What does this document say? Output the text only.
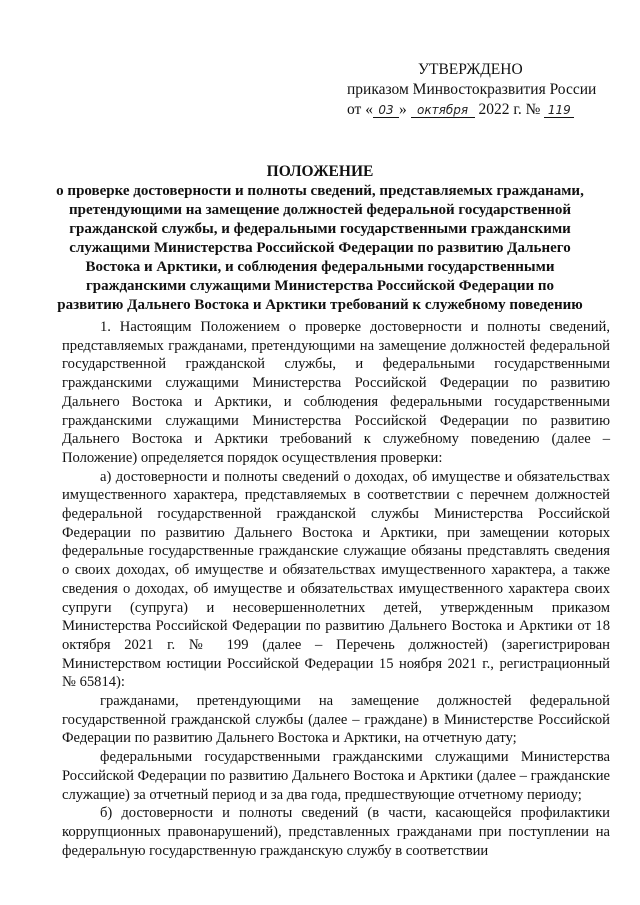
УТВЕРЖДЕНО
приказом Минвостокразвития России
от « 03 » октября 2022 г. № 119
ПОЛОЖЕНИЕ
о проверке достоверности и полноты сведений, представляемых гражданами, претендующими на замещение должностей федеральной государственной гражданской службы, и федеральными государственными гражданскими служащими Министерства Российской Федерации по развитию Дальнего Востока и Арктики, и соблюдения федеральными государственными гражданскими служащими Министерства Российской Федерации по развитию Дальнего Востока и Арктики требований к служебному поведению

1. Настоящим Положением о проверке достоверности и полноты сведений, представляемых гражданами, претендующими на замещение должностей федеральной государственной гражданской службы, и федеральными государственными гражданскими служащими Министерства Российской Федерации по развитию Дальнего Востока и Арктики, и соблюдения федеральными государственными гражданскими служащими Министерства Российской Федерации по развитию Дальнего Востока и Арктики требований к служебному поведению (далее – Положение) определяется порядок осуществления проверки:

а) достоверности и полноты сведений о доходах, об имуществе и обязательствах имущественного характера, представляемых в соответствии с перечнем должностей федеральной государственной гражданской службы Министерства Российской Федерации по развитию Дальнего Востока и Арктики, при замещении которых федеральные государственные гражданские служащие обязаны представлять сведения о своих доходах, об имуществе и обязательствах имущественного характера, а также сведения о доходах, об имуществе и обязательствах имущественного характера своих супруги (супруга) и несовершеннолетних детей, утвержденным приказом Министерства Российской Федерации по развитию Дальнего Востока и Арктики от 18 октября 2021 г. № 199 (далее – Перечень должностей) (зарегистрирован Министерством юстиции Российской Федерации 15 ноября 2021 г., регистрационный № 65814):

гражданами, претендующими на замещение должностей федеральной государственной гражданской службы (далее – граждане) в Министерстве Российской Федерации по развитию Дальнего Востока и Арктики, на отчетную дату;

федеральными государственными гражданскими служащими Министерства Российской Федерации по развитию Дальнего Востока и Арктики (далее – гражданские служащие) за отчетный период и за два года, предшествующие отчетному периоду;

б) достоверности и полноты сведений (в части, касающейся профилактики коррупционных правонарушений), представленных гражданами при поступлении на федеральную государственную гражданскую службу в соответствии
